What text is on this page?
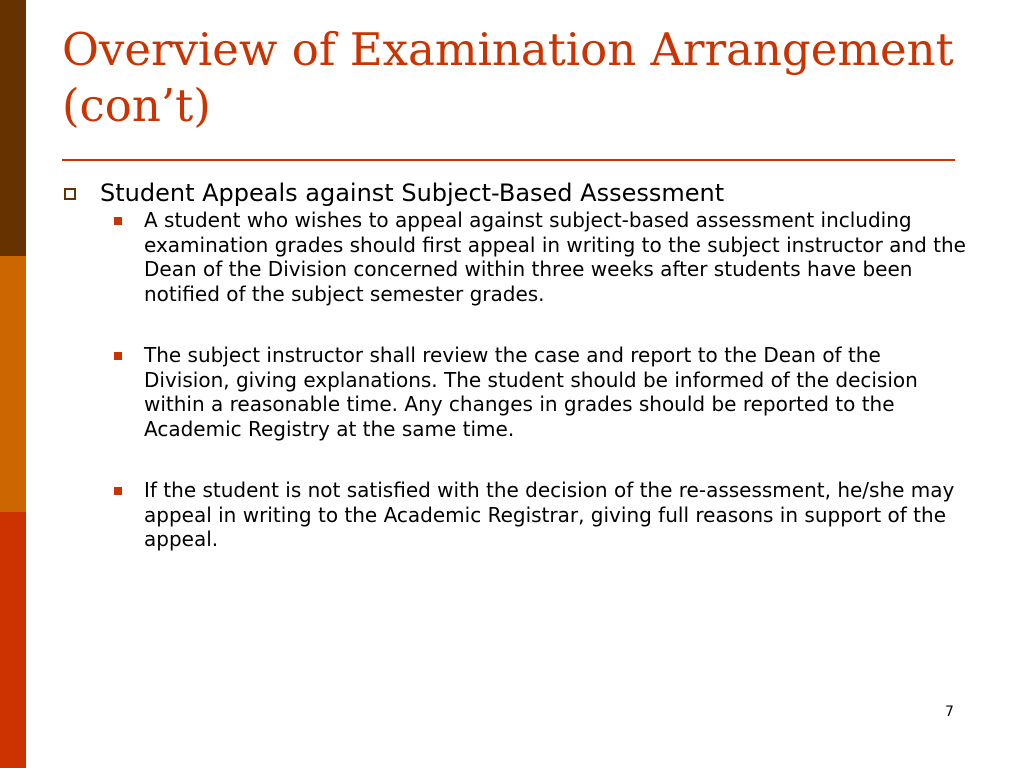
Overview of Examination Arrangement (con’t)
Student Appeals against Subject-Based Assessment
A student who wishes to appeal against subject-based assessment including examination grades should first appeal in writing to the subject instructor and the Dean of the Division concerned within three weeks after students have been notified of the subject semester grades.
The subject instructor shall review the case and report to the Dean of the Division, giving explanations. The student should be informed of the decision within a reasonable time. Any changes in grades should be reported to the Academic Registry at the same time.
If the student is not satisfied with the decision of the re-assessment, he/she may appeal in writing to the Academic Registrar, giving full reasons in support of the appeal.
7
